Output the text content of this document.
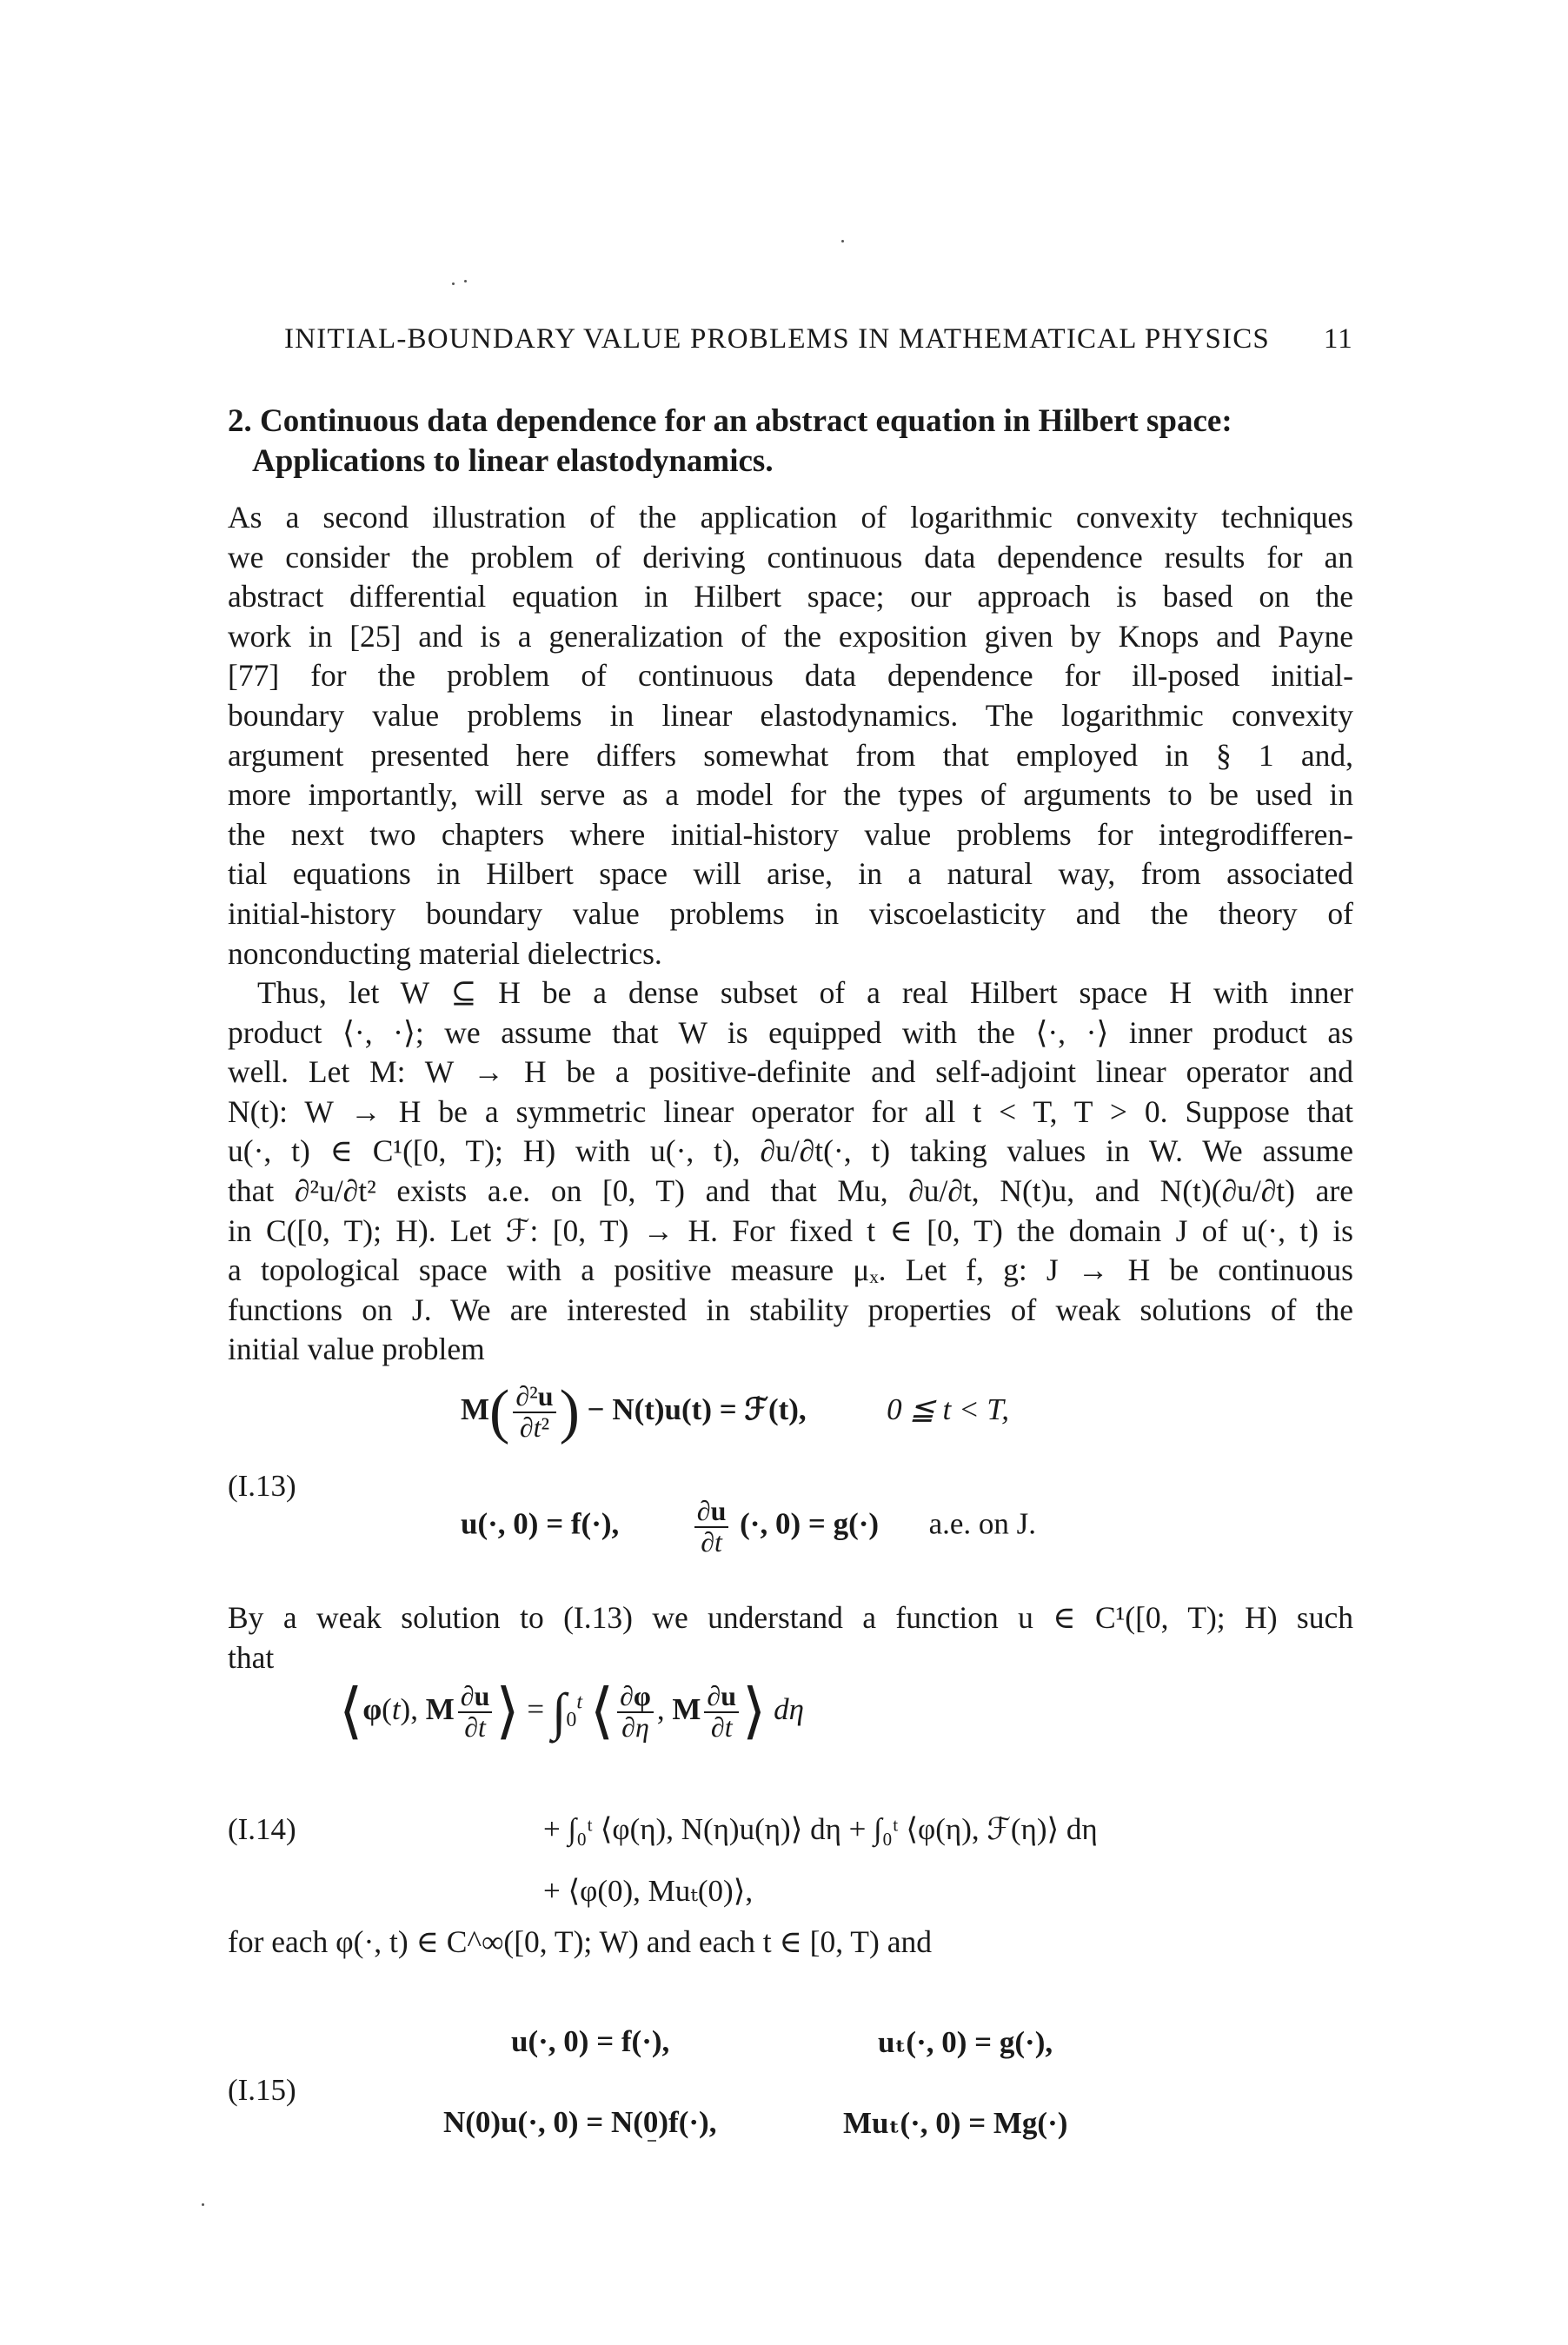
INITIAL-BOUNDARY VALUE PROBLEMS IN MATHEMATICAL PHYSICS 11
2. Continuous data dependence for an abstract equation in Hilbert space:
Applications to linear elastodynamics.
As a second illustration of the application of logarithmic convexity techniques
we consider the problem of deriving continuous data dependence results for an
abstract differential equation in Hilbert space; our approach is based on the
work in [25] and is a generalization of the exposition given by Knops and Payne
[77] for the problem of continuous data dependence for ill-posed initial-
boundary value problems in linear elastodynamics. The logarithmic convexity
argument presented here differs somewhat from that employed in § 1 and,
more importantly, will serve as a model for the types of arguments to be used in
the next two chapters where initial-history value problems for integrodifferen-
tial equations in Hilbert space will arise, in a natural way, from associated
initial-history boundary value problems in viscoelasticity and the theory of
nonconducting material dielectrics.
Thus, let W ⊆ H be a dense subset of a real Hilbert space H with inner
product ⟨·, ·⟩; we assume that W is equipped with the ⟨·, ·⟩ inner product as
well. Let M: W → H be a positive-definite and self-adjoint linear operator and
N(t): W → H be a symmetric linear operator for all t < T, T > 0. Suppose that
u(·, t) ∈ C¹([0, T); H) with u(·, t), ∂u/∂t(·, t) taking values in W. We assume
that ∂²u/∂t² exists a.e. on [0, T) and that Mu, ∂u/∂t, N(t)u, and N(t)(∂u/∂t) are
in C([0, T); H). Let ℱ: [0, T) → H. For fixed t ∈ [0, T) the domain J of u(·, t) is
a topological space with a positive measure μₓ. Let f, g: J → H be continuous
functions on J. We are interested in stability properties of weak solutions of the
initial value problem
(I.13)
$M( \frac{\text{∂²u}}{\text{∂t²}}$ ) − N(t)u(t) = ℱ(t),	0 ≦ t < T,
u(·, 0) = f(·),	$\frac{\partial u}{\partial t}$ (·, 0) = g(·) a.e. on J.
By a weak solution to (I.13) we understand a function u ∈ C¹([0, T); H) such
that
⟨φ(t), M $\frac{\partial u}{\partial t}$ ⟩ = $\int_0^t$ ⟨ $\frac{\partial\varphi}{\partial\eta}$ , M $\frac{\partial u}{\partial t}$ ⟩ dη
(I.14)	+ ∫₀ᵗ ⟨φ(η), N(η)u(η)⟩ dη + ∫₀ᵗ ⟨φ(η), ℱ(η)⟩ dη
+ ⟨φ(0), Muₜ(0)⟩,
for each φ(·, t) ∈ C^∞([0, T); W) and each t ∈ [0, T) and
(I.15)
u(·, 0) = f(·),	uₜ(·, 0) = g(·),
N(0)u(·, 0) = N(0)f(·),	Muₜ(·, 0) = Mg(·)
